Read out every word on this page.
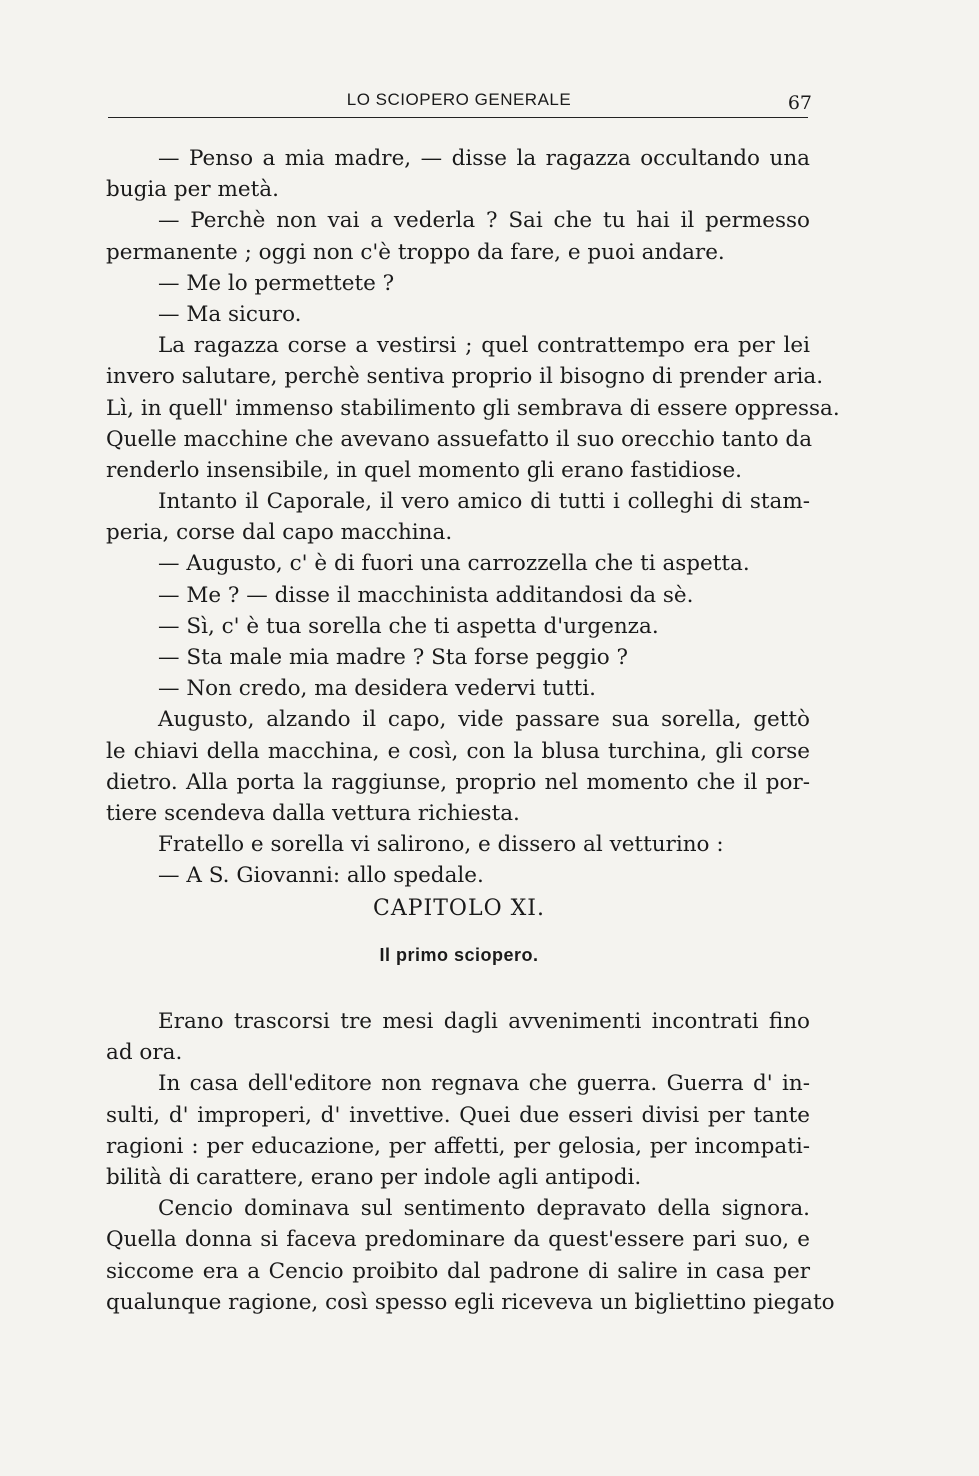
LO SCIOPERO GENERALE	67
— Penso a mia madre, — disse la ragazza occultando una
bugia per metà.
— Perchè non vai a vederla ? Sai che tu hai il permesso
permanente ; oggi non c'è troppo da fare, e puoi andare.
— Me lo permettete ?
— Ma sicuro.
La ragazza corse a vestirsi ; quel contrattempo era per lei
invero salutare, perchè sentiva proprio il bisogno di prender aria.
Lì, in quell' immenso stabilimento gli sembrava di essere oppressa.
Quelle macchine che avevano assuefatto il suo orecchio tanto da
renderlo insensibile, in quel momento gli erano fastidiose.
Intanto il Caporale, il vero amico di tutti i colleghi di stam-
peria, corse dal capo macchina.
— Augusto, c' è di fuori una carrozzella che ti aspetta.
— Me ? — disse il macchinista additandosi da sè.
— Sì, c' è tua sorella che ti aspetta d'urgenza.
— Sta male mia madre ? Sta forse peggio ?
— Non credo, ma desidera vedervi tutti.
Augusto, alzando il capo, vide passare sua sorella, gettò
le chiavi della macchina, e così, con la blusa turchina, gli corse
dietro. Alla porta la raggiunse, proprio nel momento che il por-
tiere scendeva dalla vettura richiesta.
Fratello e sorella vi salirono, e dissero al vetturino :
— A S. Giovanni: allo spedale.
CAPITOLO XI.
Il primo sciopero.
Erano trascorsi tre mesi dagli avvenimenti incontrati fino
ad ora.
In casa dell'editore non regnava che guerra. Guerra d' in-
sulti, d' improperi, d' invettive. Quei due esseri divisi per tante
ragioni : per educazione, per affetti, per gelosia, per incompati-
bilità di carattere, erano per indole agli antipodi.
Cencio dominava sul sentimento depravato della signora.
Quella donna si faceva predominare da quest'essere pari suo, e
siccome era a Cencio proibito dal padrone di salire in casa per
qualunque ragione, così spesso egli riceveva un bigliettino piegato
